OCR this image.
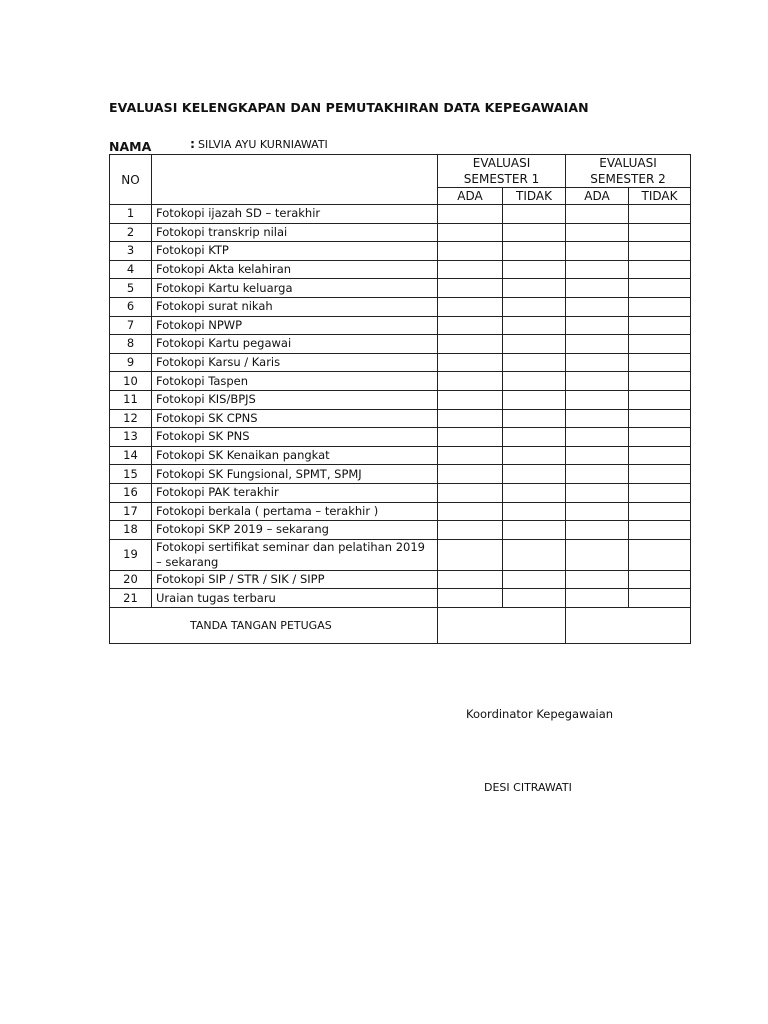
EVALUASI KELENGKAPAN DAN PEMUTAKHIRAN DATA KEPEGAWAIAN
NAMA	: SILVIA AYU KURNIAWATI
NO		EVALUASI SEMESTER 1		EVALUASI SEMESTER 2	
		ADA	TIDAK	ADA	TIDAK
1	Fotokopi ijazah SD – terakhir				
2	Fotokopi transkrip nilai				
3	Fotokopi KTP				
4	Fotokopi Akta kelahiran				
5	Fotokopi Kartu keluarga				
6	Fotokopi surat nikah				
7	Fotokopi NPWP				
8	Fotokopi Kartu pegawai				
9	Fotokopi Karsu / Karis				
10	Fotokopi Taspen				
11	Fotokopi KIS/BPJS				
12	Fotokopi SK CPNS				
13	Fotokopi SK PNS				
14	Fotokopi SK Kenaikan pangkat				
15	Fotokopi SK Fungsional, SPMT, SPMJ				
16	Fotokopi PAK terakhir				
17	Fotokopi berkala ( pertama – terakhir )				
18	Fotokopi SKP 2019 – sekarang				
19	Fotokopi sertifikat seminar dan pelatihan 2019 – sekarang				
20	Fotokopi SIP / STR / SIK / SIPP				
21	Uraian tugas terbaru				
TANDA TANGAN PETUGAS					
Koordinator Kepegawaian
DESI CITRAWATI
